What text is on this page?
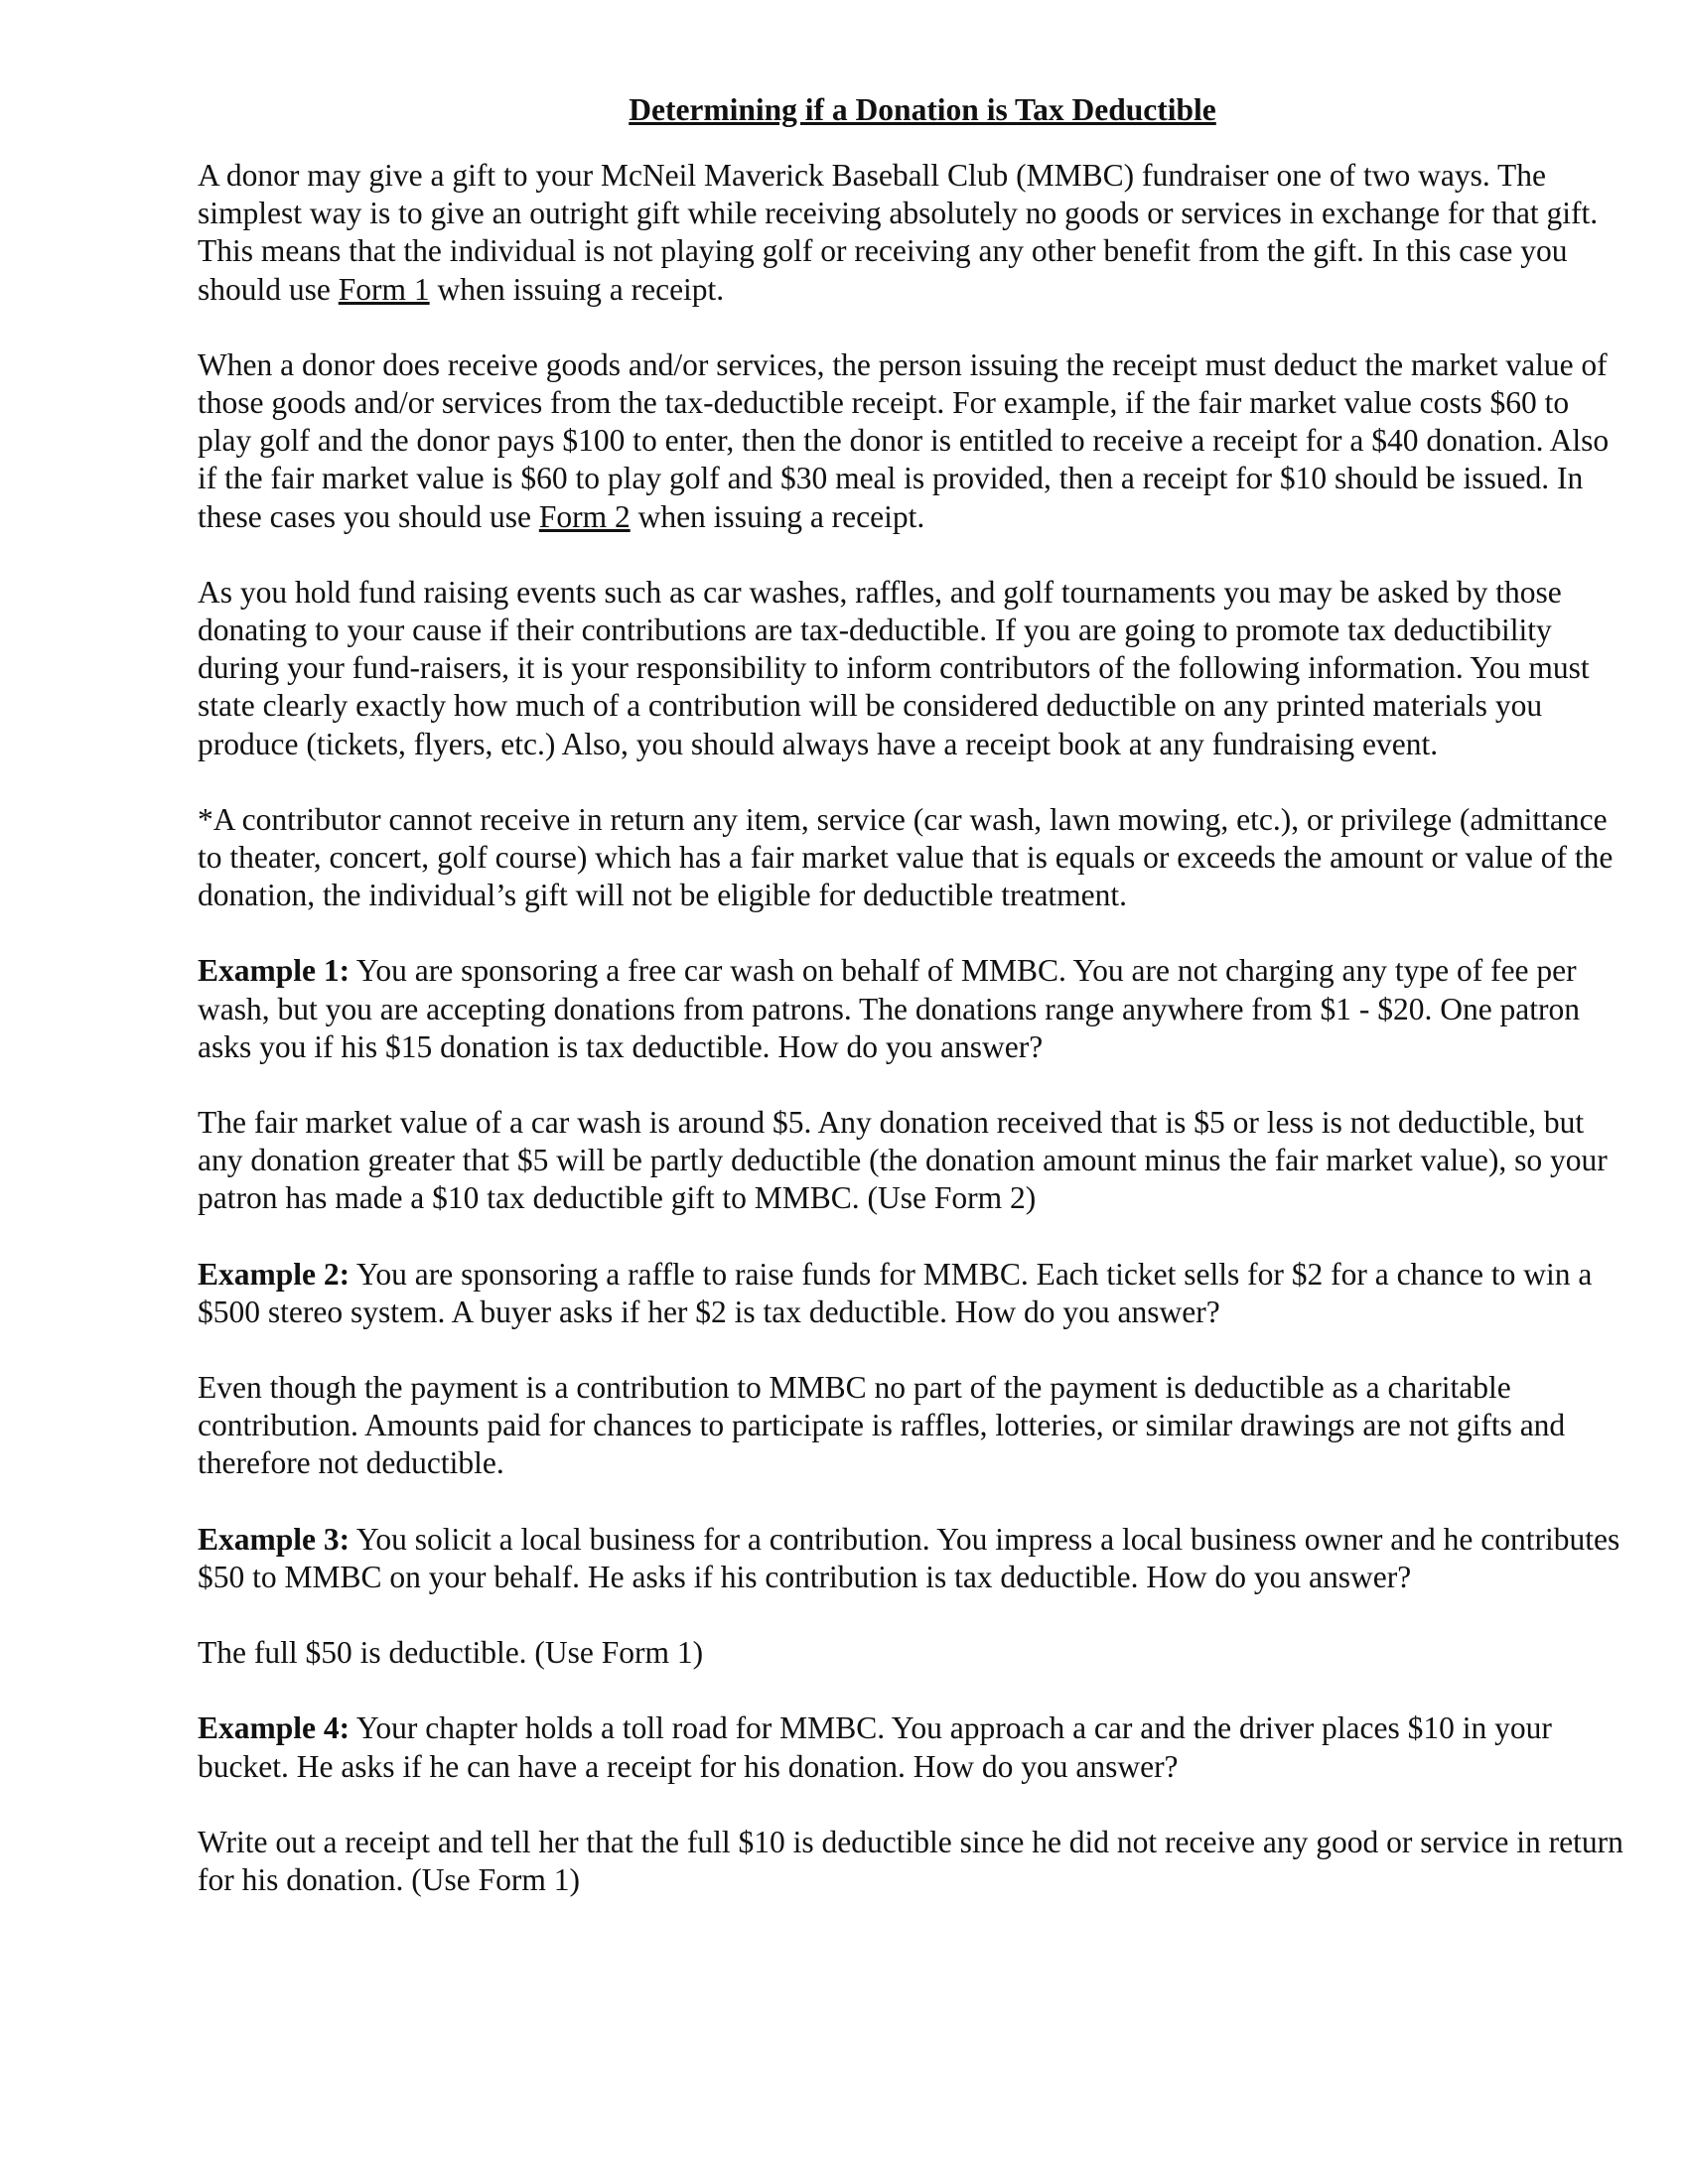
Determining if a Donation is Tax Deductible

A donor may give a gift to your McNeil Maverick Baseball Club (MMBC) fundraiser one of two ways. The simplest way is to give an outright gift while receiving absolutely no goods or services in exchange for that gift. This means that the individual is not playing golf or receiving any other benefit from the gift. In this case you should use Form 1 when issuing a receipt.

When a donor does receive goods and/or services, the person issuing the receipt must deduct the market value of those goods and/or services from the tax-deductible receipt. For example, if the fair market value costs $60 to play golf and the donor pays $100 to enter, then the donor is entitled to receive a receipt for a $40 donation. Also if the fair market value is $60 to play golf and $30 meal is provided, then a receipt for $10 should be issued. In these cases you should use Form 2 when issuing a receipt.

As you hold fund raising events such as car washes, raffles, and golf tournaments you may be asked by those donating to your cause if their contributions are tax-deductible. If you are going to promote tax deductibility during your fund-raisers, it is your responsibility to inform contributors of the following information. You must state clearly exactly how much of a contribution will be considered deductible on any printed materials you produce (tickets, flyers, etc.) Also, you should always have a receipt book at any fundraising event.

*A contributor cannot receive in return any item, service (car wash, lawn mowing, etc.), or privilege (admittance to theater, concert, golf course) which has a fair market value that is equals or exceeds the amount or value of the donation, the individual’s gift will not be eligible for deductible treatment.

Example 1: You are sponsoring a free car wash on behalf of MMBC. You are not charging any type of fee per wash, but you are accepting donations from patrons. The donations range anywhere from $1 - $20. One patron asks you if his $15 donation is tax deductible. How do you answer?

The fair market value of a car wash is around $5. Any donation received that is $5 or less is not deductible, but any donation greater that $5 will be partly deductible (the donation amount minus the fair market value), so your patron has made a $10 tax deductible gift to MMBC. (Use Form 2)

Example 2: You are sponsoring a raffle to raise funds for MMBC. Each ticket sells for $2 for a chance to win a $500 stereo system. A buyer asks if her $2 is tax deductible. How do you answer?

Even though the payment is a contribution to MMBC no part of the payment is deductible as a charitable contribution. Amounts paid for chances to participate is raffles, lotteries, or similar drawings are not gifts and therefore not deductible.

Example 3: You solicit a local business for a contribution. You impress a local business owner and he contributes $50 to MMBC on your behalf. He asks if his contribution is tax deductible. How do you answer?

The full $50 is deductible. (Use Form 1)

Example 4: Your chapter holds a toll road for MMBC. You approach a car and the driver places $10 in your bucket. He asks if he can have a receipt for his donation. How do you answer?

Write out a receipt and tell her that the full $10 is deductible since he did not receive any good or service in return for his donation. (Use Form 1)
